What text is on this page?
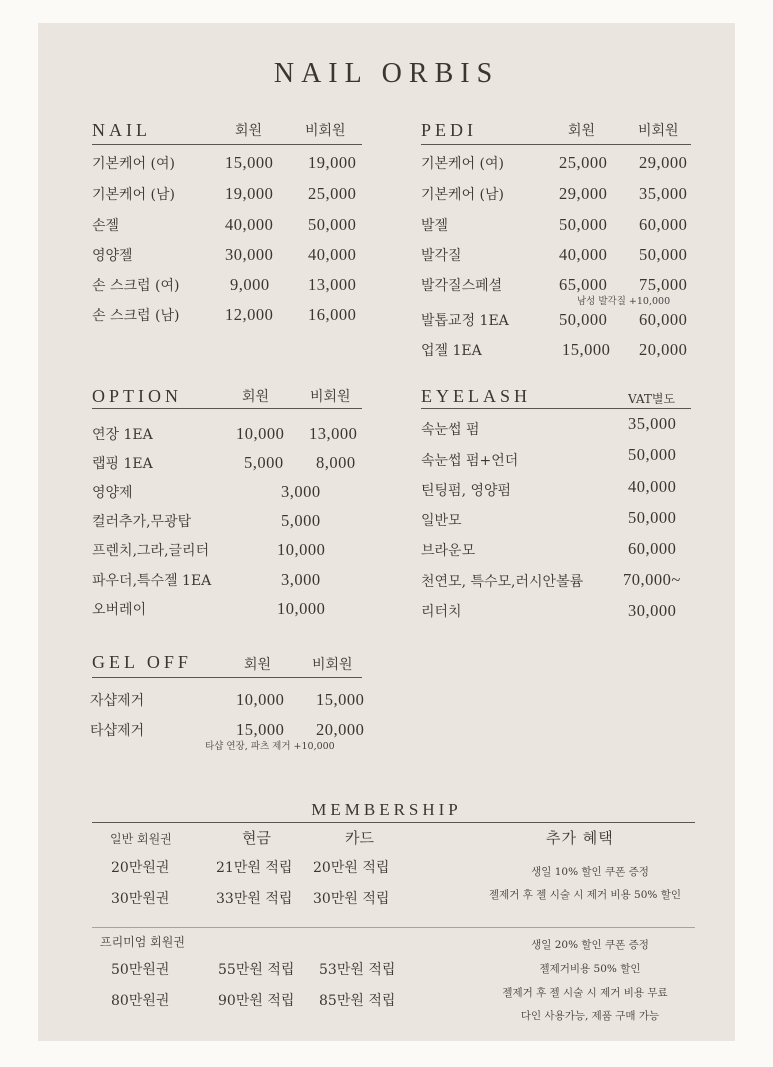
NAIL ORBIS
NAIL	회원	비회원
기본케어 (여)	15,000 19,000
기본케어 (남)	19,000 25,000
손젤	40,000 50,000
영양젤	30,000 40,000
손 스크럽 (여)	9,000 13,000
손 스크럽 (남)	12,000 16,000
PEDI	회원	비회원
기본케어 (여)	25,000 29,000
기본케어 (남)	29,000 35,000
발젤	50,000 60,000
발각질	40,000 50,000
발각질스페셜	65,000 75,000
남성 발각질 +10,000
발톱교정 1EA	50,000 60,000
업젤 1EA	15,000 20,000
OPTION	회원	비회원
연장 1EA	10,000 13,000
랩핑 1EA	5,000 8,000
영양제	3,000
컬러추가,무광탑	5,000
프렌치,그라,글리터	10,000
파우더,특수젤 1EA	3,000
오버레이	10,000
EYELASH	VAT별도
속눈썹 펌	35,000
속눈썹 펌+언더	50,000
틴팅펌, 영양펌	40,000
일반모	50,000
브라운모	60,000
천연모, 특수모,러시안볼륨 70,000~
리터치	30,000
GEL OFF	회원	비회원
자샵제거	10,000 15,000
타샵제거	15,000 20,000
타샵 연장, 파츠 제거 +10,000
MEMBERSHIP
일반 회원권	현금	카드	추가 혜택
20만원권	21만원 적립 20만원 적립
30만원권	33만원 적립 30만원 적립
생일 10% 할인 쿠폰 증정
젤제거 후 젤 시술 시 제거 비용 50% 할인
프리미엄 회원권
50만원권	55만원 적립 53만원 적립
80만원권	90만원 적립 85만원 적립
생일 20% 할인 쿠폰 증정
젤제거비용 50% 할인
젤제거 후 젤 시술 시 제거 비용 무료
다인 사용가능, 제품 구매 가능
